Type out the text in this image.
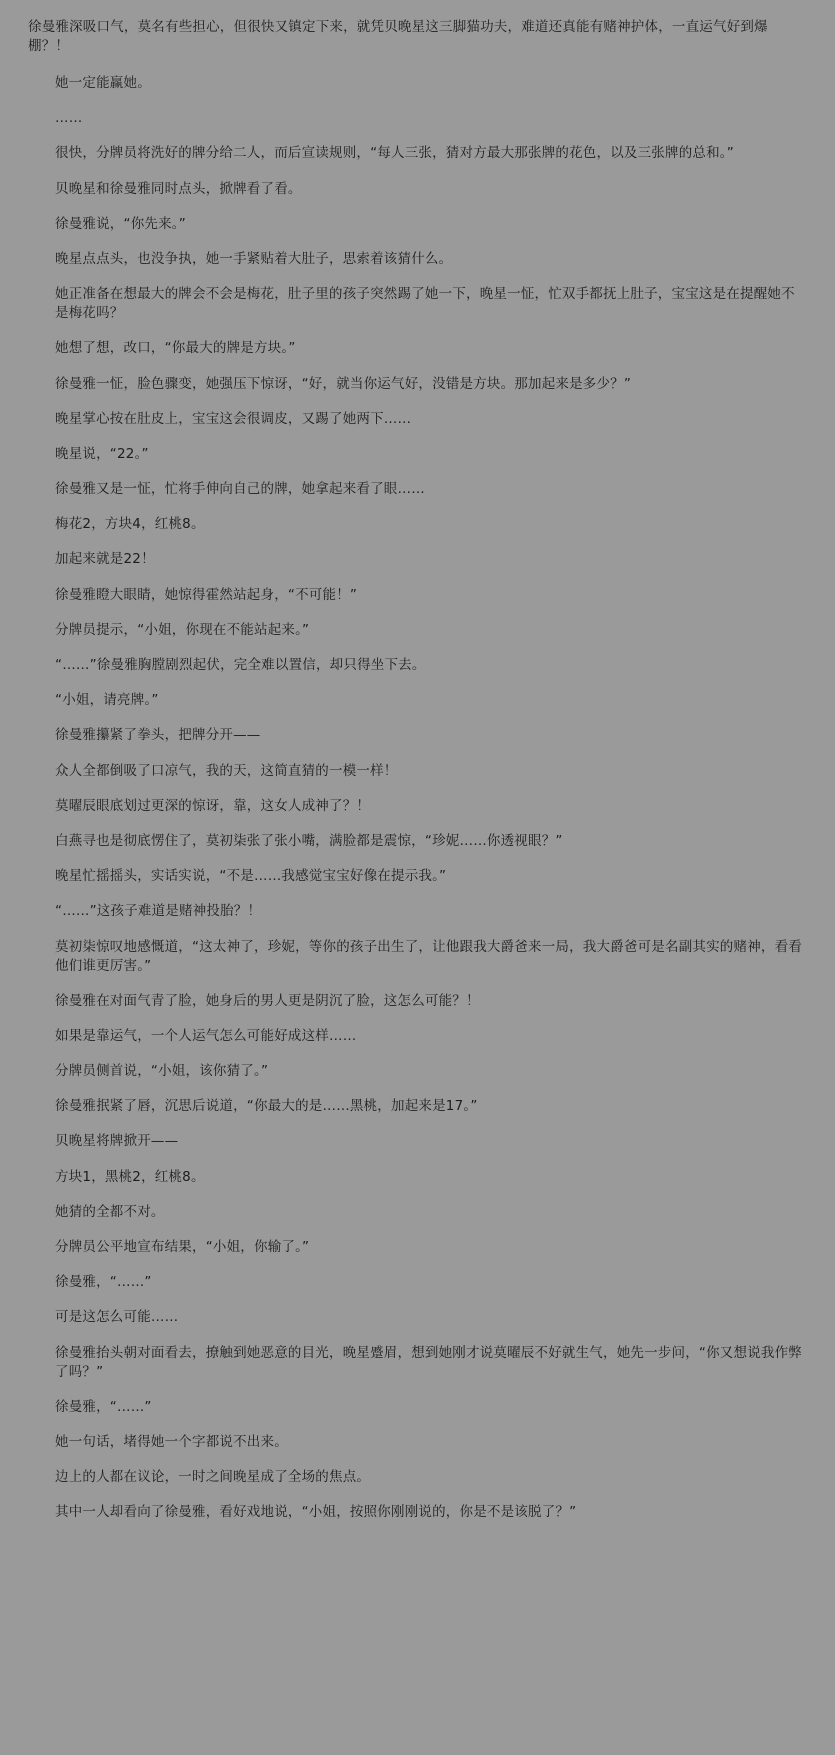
徐曼雅深吸口气，莫名有些担心，但很快又镇定下来，就凭贝晚星这三脚猫功夫，难道还真能有赌神护体，一直运气好到爆棚？！

她一定能赢她。

……

很快，分牌员将洗好的牌分给二人，而后宣读规则，“每人三张，猜对方最大那张牌的花色，以及三张牌的总和。”

贝晚星和徐曼雅同时点头，掀牌看了看。

徐曼雅说，“你先来。”

晚星点点头，也没争执，她一手紧贴着大肚子，思索着该猜什么。

她正准备在想最大的牌会不会是梅花，肚子里的孩子突然踢了她一下，晚星一怔，忙双手都抚上肚子，宝宝这是在提醒她不是梅花吗？

她想了想，改口，“你最大的牌是方块。”

徐曼雅一怔，脸色骤变，她强压下惊讶，“好，就当你运气好，没错是方块。那加起来是多少？”

晚星掌心按在肚皮上，宝宝这会很调皮，又踢了她两下……

晚星说，“22。”

徐曼雅又是一怔，忙将手伸向自己的牌，她拿起来看了眼……

梅花2，方块4，红桃8。

加起来就是22！

徐曼雅瞪大眼睛，她惊得霍然站起身，“不可能！”

分牌员提示，“小姐，你现在不能站起来。”

“……”徐曼雅胸膛剧烈起伏，完全难以置信，却只得坐下去。

“小姐，请亮牌。”

徐曼雅攥紧了拳头，把牌分开——

众人全都倒吸了口凉气，我的天，这简直猜的一模一样！

莫曜辰眼底划过更深的惊讶，靠，这女人成神了？！

白燕寻也是彻底愣住了，莫初柒张了张小嘴，满脸都是震惊，“珍妮……你透视眼？”

晚星忙摇摇头，实话实说，“不是……我感觉宝宝好像在提示我。”

“……”这孩子难道是赌神投胎？！

莫初柒惊叹地感慨道，“这太神了，珍妮，等你的孩子出生了，让他跟我大爵爸来一局，我大爵爸可是名副其实的赌神，看看他们谁更厉害。”

徐曼雅在对面气青了脸，她身后的男人更是阴沉了脸，这怎么可能？！

如果是靠运气，一个人运气怎么可能好成这样……

分牌员侧首说，“小姐，该你猜了。”

徐曼雅抿紧了唇，沉思后说道，“你最大的是……黑桃，加起来是17。”

贝晚星将牌掀开——

方块1，黑桃2，红桃8。

她猜的全都不对。

分牌员公平地宣布结果，“小姐，你输了。”

徐曼雅，“……”

可是这怎么可能……

徐曼雅抬头朝对面看去，撩触到她恶意的目光，晚星蹙眉，想到她刚才说莫曜辰不好就生气，她先一步问，“你又想说我作弊了吗？”

徐曼雅，“……”

她一句话，堵得她一个字都说不出来。

边上的人都在议论，一时之间晚星成了全场的焦点。

其中一人却看向了徐曼雅，看好戏地说，“小姐，按照你刚刚说的，你是不是该脱了？”
